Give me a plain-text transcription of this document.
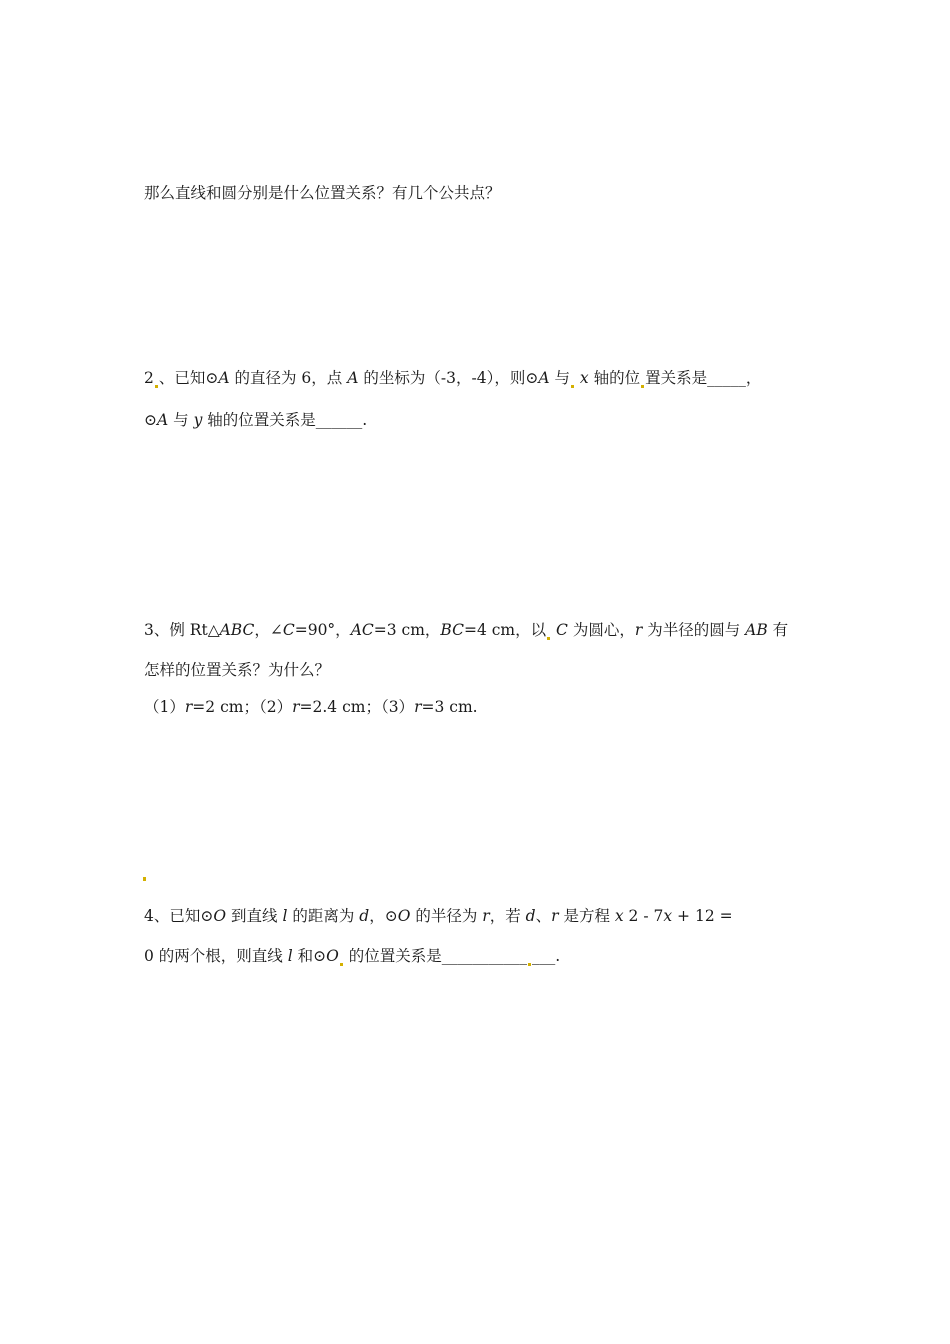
那么直线和圆分别是什么位置关系？有几个公共点？
2 、已知⊙A 的直径为 6，点 A 的坐标为（-3，-4），则⊙A 与 x 轴的位 置关系是_____，
⊙A 与 y 轴的位置关系是______.
3、例 Rt△ABC，∠C=90°，AC=3 cm，BC=4 cm，以 C 为圆心，r 为半径的圆与 AB 有
怎样的位置关系？为什么？
（1）r=2 cm；（2）r=2.4 cm；（3）r=3 cm.
4、已知⊙O 到直线 l 的距离为 d，⊙O 的半径为 r，若 d、r 是方程 x 2 - 7x + 12 =
0 的两个根，则直线 l 和⊙O 的位置关系是___________ ___.
